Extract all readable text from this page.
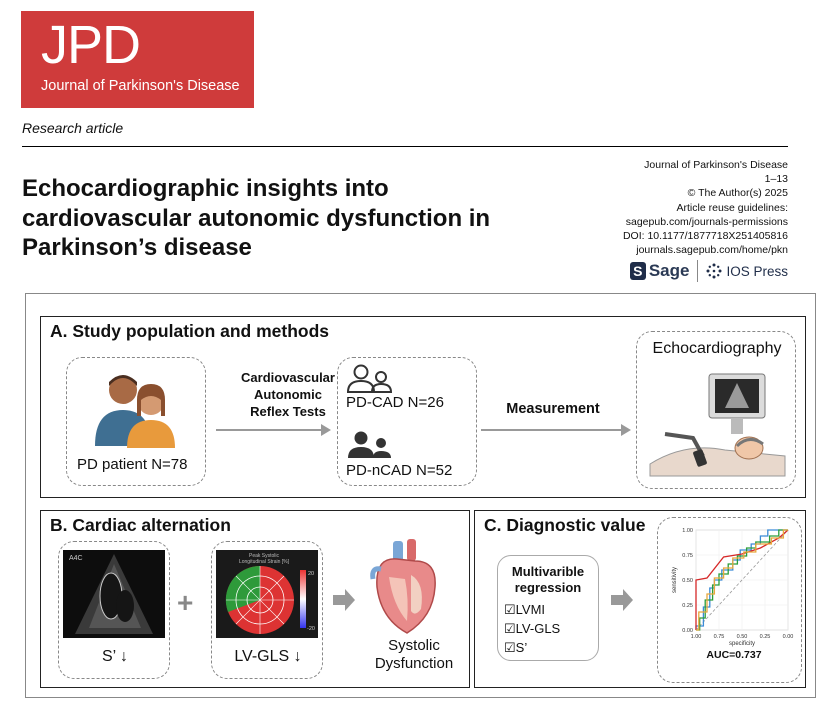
JPD
Journal of Parkinson's Disease
Research article
Echocardiographic insights into cardiovascular autonomic dysfunction in Parkinson’s disease
Journal of Parkinson's Disease
1–13
© The Author(s) 2025
Article reuse guidelines:
sagepub.com/journals-permissions
DOI: 10.1177/1877718X251405816
journals.sagepub.com/home/pkn
S Sage	IOS Press
A. Study population and methods
PD patient N=78
Cardiovascular
Autonomic
Reflex Tests
PD-CAD N=26
PD-nCAD N=52
Measurement
Echocardiography
B. Cardiac alternation
A4C
S’ ↓
+
Peak Systolic
Longitudinal Strain [%]
20
-20
LV-GLS ↓
Systolic
Dysfunction
C. Diagnostic value
Multivarible
regression
☑LVMI
☑LV-GLS
☑S’
0.00
0.25
0.50
0.75
1.00
1.00 0.75 0.50 0.25 0.00
specificity
sensitivity
AUC=0.737
